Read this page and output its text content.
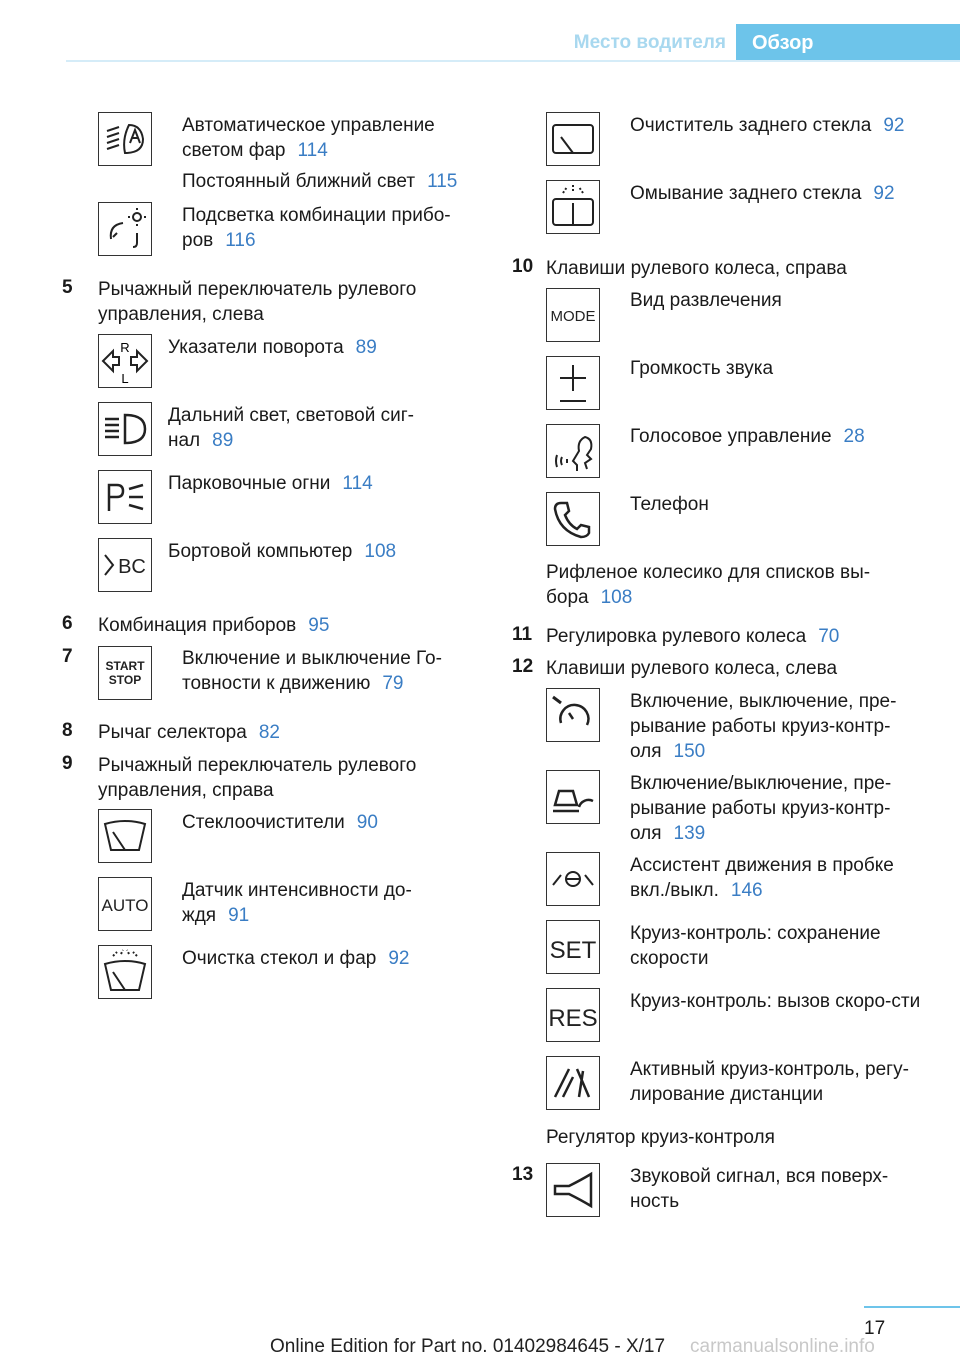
Место водителя	Обзор
Автоматическое управление светом фар 114
Постоянный ближний свет 115
Подсветка комбинации прибо-ров 116
5 Рычажный переключатель рулевого управления, слева
R
L
Указатели поворота 89
Дальний свет, световой сиг-нал 89
Парковочные огни 114
BC
Бортовой компьютер 108
6 Комбинация приборов 95
7	START
STOP
Включение и выключение Го-товности к движению 79
8 Рычаг селектора 82
9 Рычажный переключатель рулевого управления, справа
Стеклоочистители 90
AUTO
Датчик интенсивности до-ждя 91
Очистка стекол и фар 92
Очиститель заднего стекла 92
Омывание заднего стекла 92
10 Клавиши рулевого колеса, справа
MODE
Вид развлечения
Громкость звука
Голосовое управление 28
Телефон
Рифленое колесико для списков вы-бора 108
11 Регулировка рулевого колеса 70
12 Клавиши рулевого колеса, слева
Включение, выключение, пре-рывание работы круиз-контр-оля 150
Включение/выключение, пре-рывание работы круиз-контр-оля 139
Ассистент движения в пробке вкл./выкл. 146
SET
Круиз-контроль: сохранение скорости
RES
Круиз-контроль: вызов скоро-сти
Активный круиз-контроль, регу-лирование дистанции
Регулятор круиз-контроля
13	Звуковой сигнал, вся поверх-ность
17
Online Edition for Part no. 01402984645 - X/17 carmanualsonline.info
